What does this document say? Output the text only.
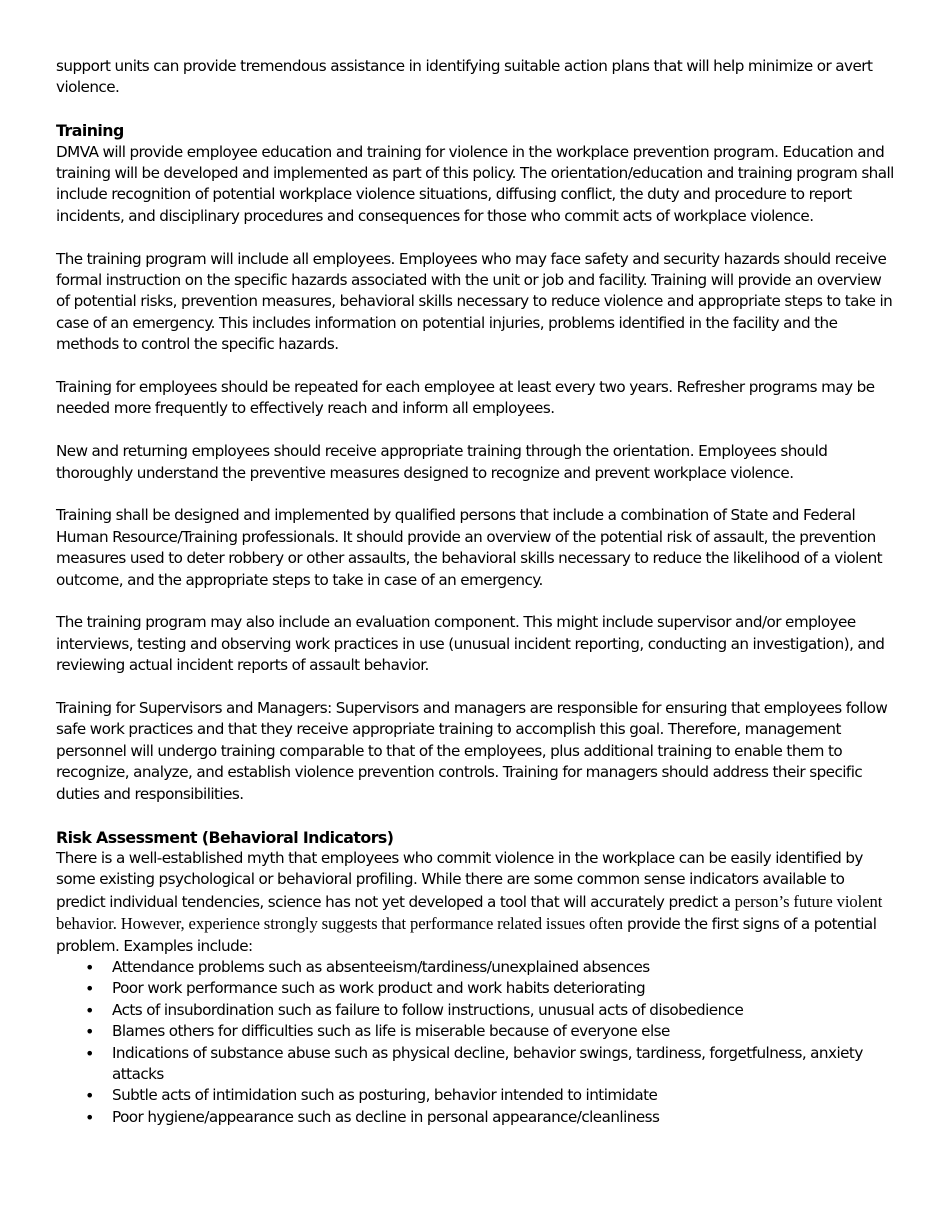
support units can provide tremendous assistance in identifying suitable action plans that will help minimize or avert violence.

Training

DMVA will provide employee education and training for violence in the workplace prevention program. Education and training will be developed and implemented as part of this policy. The orientation/education and training program shall include recognition of potential workplace violence situations, diffusing conflict, the duty and procedure to report incidents, and disciplinary procedures and consequences for those who commit acts of workplace violence.

The training program will include all employees. Employees who may face safety and security hazards should receive formal instruction on the specific hazards associated with the unit or job and facility. Training will provide an overview of potential risks, prevention measures, behavioral skills necessary to reduce violence and appropriate steps to take in case of an emergency. This includes information on potential injuries, problems identified in the facility and the methods to control the specific hazards.

Training for employees should be repeated for each employee at least every two years. Refresher programs may be needed more frequently to effectively reach and inform all employees.

New and returning employees should receive appropriate training through the orientation. Employees should thoroughly understand the preventive measures designed to recognize and prevent workplace violence.

Training shall be designed and implemented by qualified persons that include a combination of State and Federal Human Resource/Training professionals. It should provide an overview of the potential risk of assault, the prevention measures used to deter robbery or other assaults, the behavioral skills necessary to reduce the likelihood of a violent outcome, and the appropriate steps to take in case of an emergency.

The training program may also include an evaluation component. This might include supervisor and/or employee interviews, testing and observing work practices in use (unusual incident reporting, conducting an investigation), and reviewing actual incident reports of assault behavior.

Training for Supervisors and Managers: Supervisors and managers are responsible for ensuring that employees follow safe work practices and that they receive appropriate training to accomplish this goal. Therefore, management personnel will undergo training comparable to that of the employees, plus additional training to enable them to recognize, analyze, and establish violence prevention controls. Training for managers should address their specific duties and responsibilities.

Risk Assessment (Behavioral Indicators)

There is a well-established myth that employees who commit violence in the workplace can be easily identified by some existing psychological or behavioral profiling. While there are some common sense indicators available to predict individual tendencies, science has not yet developed a tool that will accurately predict a person’s future violent behavior. However, experience strongly suggests that performance related issues often provide the first signs of a potential problem. Examples include:

• Attendance problems such as absenteeism/tardiness/unexplained absences
• Poor work performance such as work product and work habits deteriorating
• Acts of insubordination such as failure to follow instructions, unusual acts of disobedience
• Blames others for difficulties such as life is miserable because of everyone else
• Indications of substance abuse such as physical decline, behavior swings, tardiness, forgetfulness, anxiety attacks
• Subtle acts of intimidation such as posturing, behavior intended to intimidate
• Poor hygiene/appearance such as decline in personal appearance/cleanliness
